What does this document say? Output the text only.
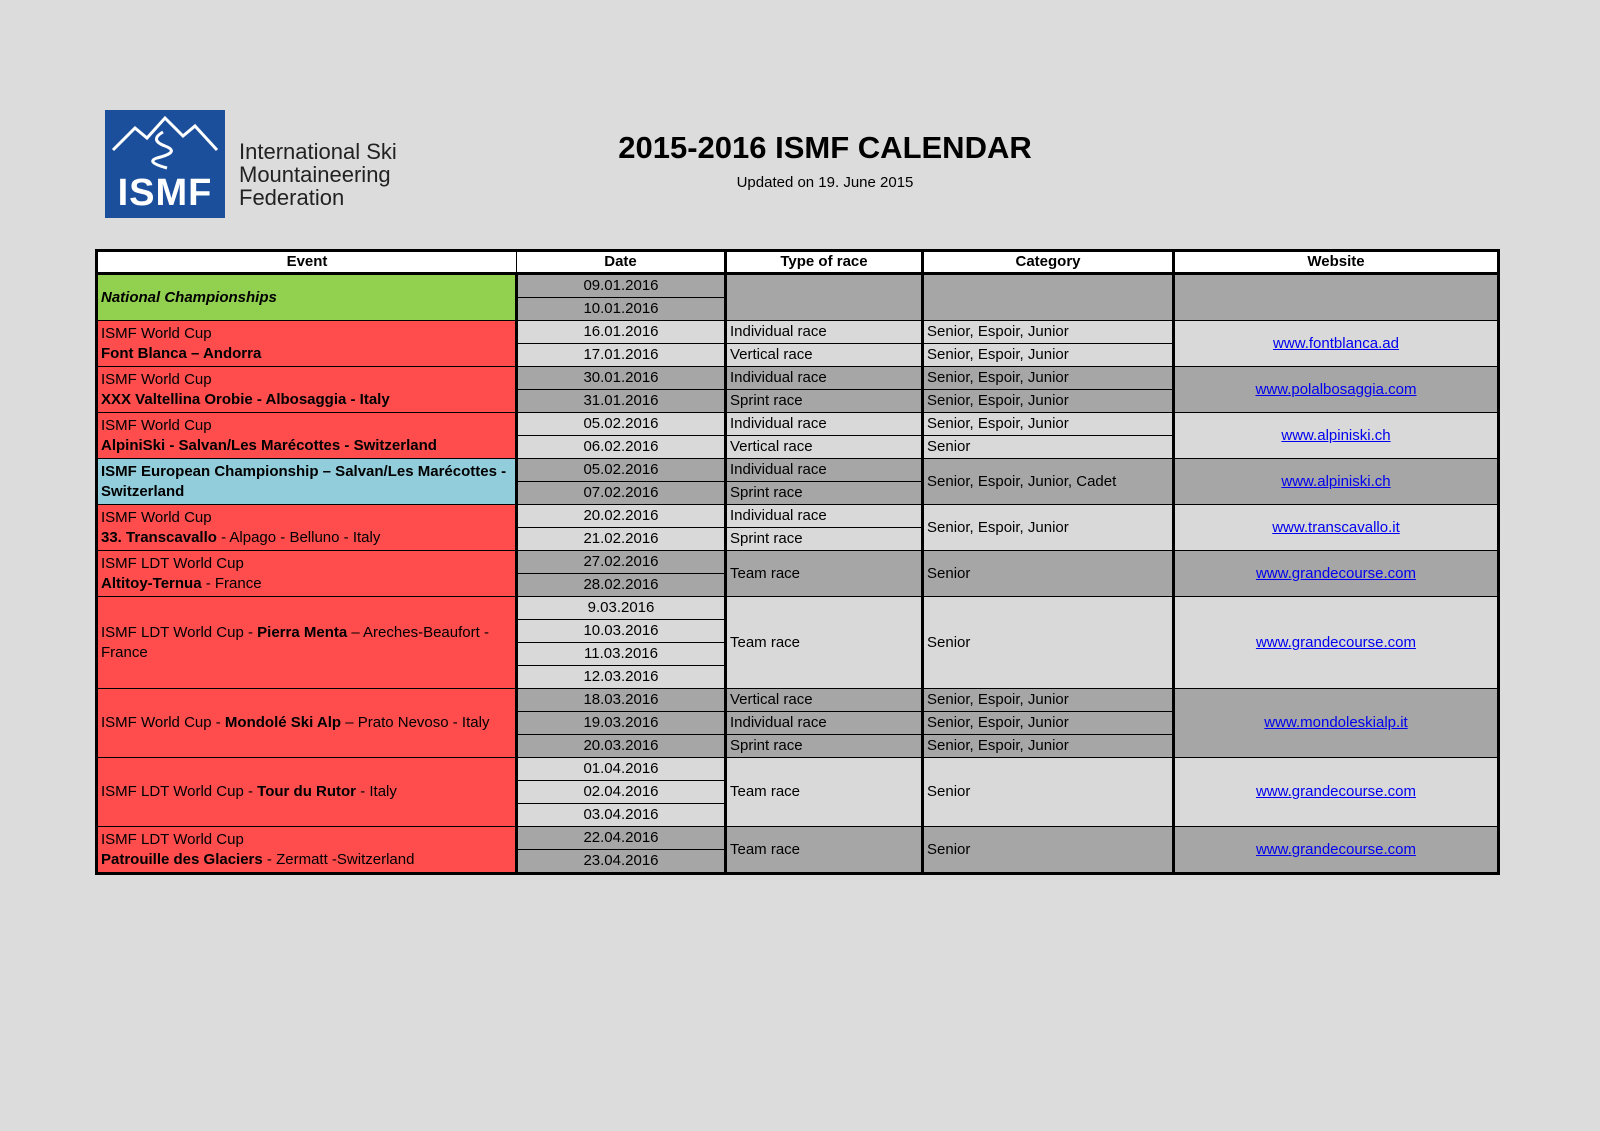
ISMF
International Ski
Mountaineering
Federation
2015-2016 ISMF CALENDAR
Updated on 19. June 2015
Event	Date	Type of race	Category	Website
National Championships	09.01.2016			
	10.01.2016			
ISMF World Cup
Font Blanca – Andorra	16.01.2016	Individual race	Senior, Espoir, Junior	www.fontblanca.ad
	17.01.2016	Vertical race	Senior, Espoir, Junior	
ISMF World Cup
XXX Valtellina Orobie - Albosaggia - Italy	30.01.2016	Individual race	Senior, Espoir, Junior	www.polalbosaggia.com
	31.01.2016	Sprint race	Senior, Espoir, Junior	
ISMF World Cup
AlpiniSki - Salvan/Les Marécottes - Switzerland	05.02.2016	Individual race	Senior, Espoir, Junior	www.alpiniski.ch
	06.02.2016	Vertical race	Senior	
ISMF European Championship – Salvan/Les Marécottes - Switzerland	05.02.2016	Individual race	Senior, Espoir, Junior, Cadet	www.alpiniski.ch
	07.02.2016	Sprint race		
ISMF World Cup
33. Transcavallo - Alpago - Belluno - Italy	20.02.2016	Individual race	Senior, Espoir, Junior	www.transcavallo.it
	21.02.2016	Sprint race		
ISMF LDT World Cup
Altitoy-Ternua - France	27.02.2016	Team race	Senior	www.grandecourse.com
	28.02.2016			
ISMF LDT World Cup - Pierra Menta – Areches-Beaufort - France	9.03.2016	Team race	Senior	www.grandecourse.com
	10.03.2016			
	11.03.2016			
	12.03.2016			
ISMF World Cup - Mondolé Ski Alp – Prato Nevoso - Italy	18.03.2016	Vertical race	Senior, Espoir, Junior	www.mondoleskialp.it
	19.03.2016	Individual race	Senior, Espoir, Junior	
	20.03.2016	Sprint race	Senior, Espoir, Junior	
ISMF LDT World Cup - Tour du Rutor - Italy	01.04.2016	Team race	Senior	www.grandecourse.com
	02.04.2016			
	03.04.2016			
ISMF LDT World Cup
Patrouille des Glaciers - Zermatt -Switzerland	22.04.2016	Team race	Senior	www.grandecourse.com
	23.04.2016			
